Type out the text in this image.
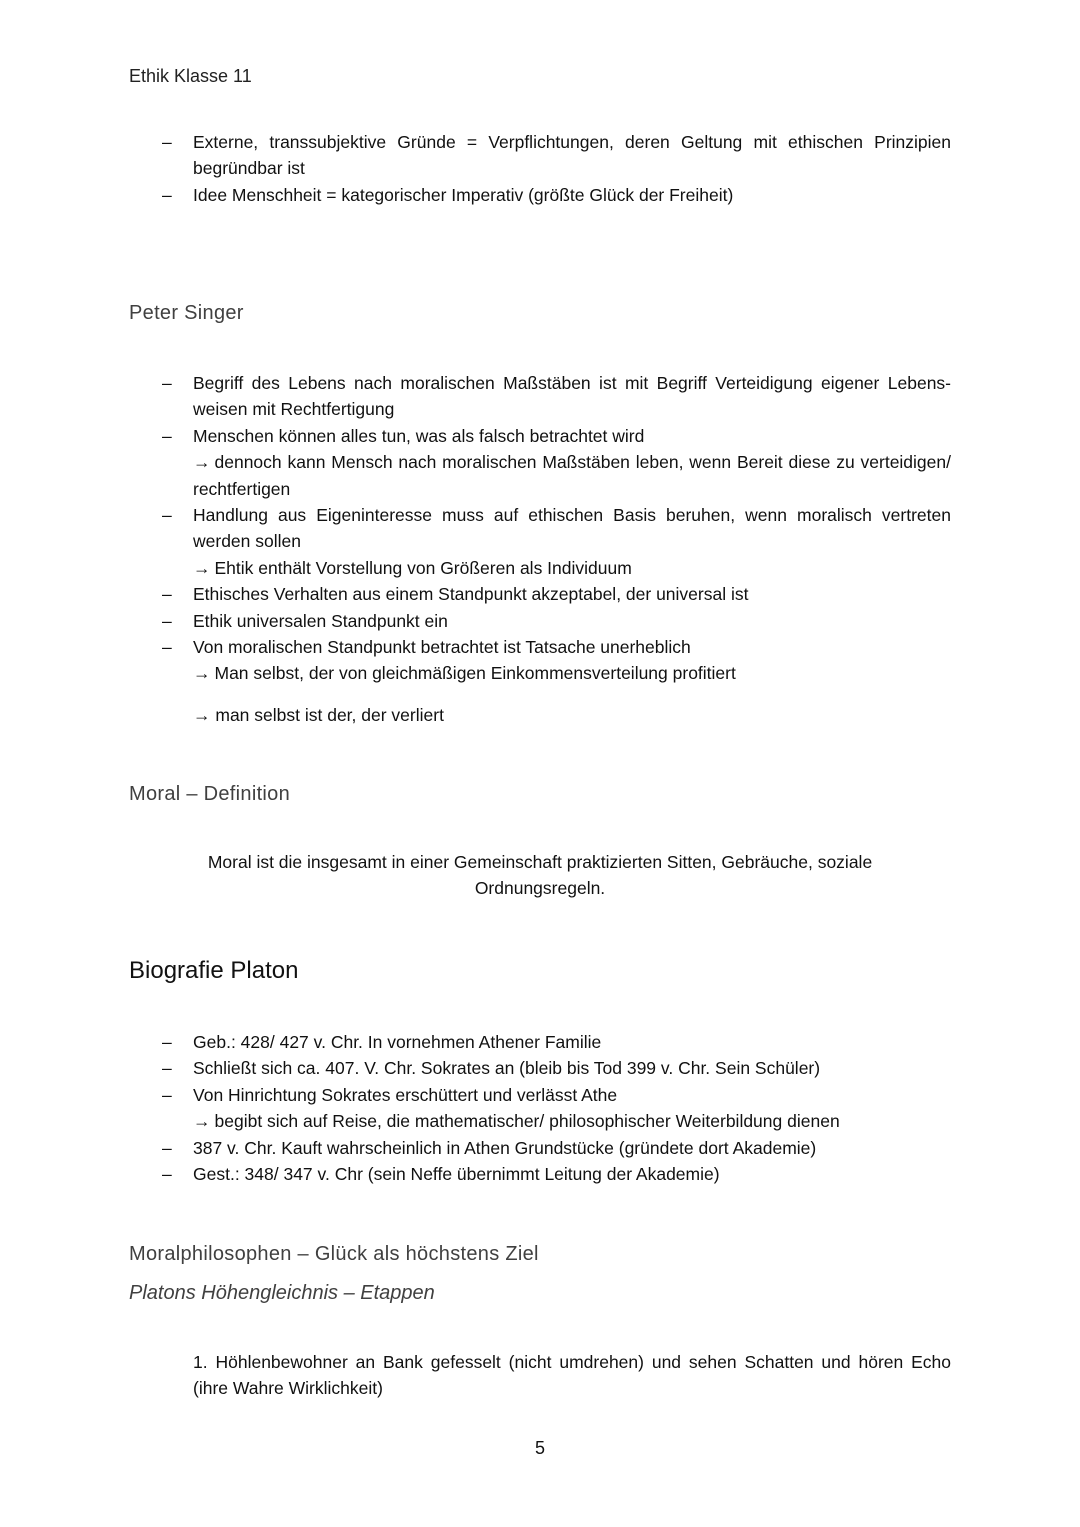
Ethik Klasse 11
– Externe, transsubjektive Gründe = Verpflichtungen, deren Geltung mit ethischen Prinzipien begründbar ist
– Idee Menschheit = kategorischer Imperativ (größte Glück der Freiheit)
Peter Singer
– Begriff des Lebens nach moralischen Maßstäben ist mit Begriff Verteidigung eigener Lebensweisen mit Rechtfertigung
– Menschen können alles tun, was als falsch betrachtet wird
→ dennoch kann Mensch nach moralischen Maßstäben leben, wenn Bereit diese zu verteidigen/ rechtfertigen
– Handlung aus Eigeninteresse muss auf ethischen Basis beruhen, wenn moralisch vertreten werden sollen
→ Ehtik enthält Vorstellung von Größeren als Individuum
– Ethisches Verhalten aus einem Standpunkt akzeptabel, der universal ist
– Ethik universalen Standpunkt ein
– Von moralischen Standpunkt betrachtet ist Tatsache unerheblich
→ Man selbst, der von gleichmäßigen Einkommensverteilung profitiert
→ man selbst ist der, der verliert
Moral – Definition
Moral ist die insgesamt in einer Gemeinschaft praktizierten Sitten, Gebräuche, soziale Ordnungsregeln.
Biografie Platon
– Geb.: 428/ 427 v. Chr. In vornehmen Athener Familie
– Schließt sich ca. 407. V. Chr. Sokrates an (bleib bis Tod 399 v. Chr. Sein Schüler)
– Von Hinrichtung Sokrates erschüttert und verlässt Athe
→ begibt sich auf Reise, die mathematischer/ philosophischer Weiterbildung dienen
– 387 v. Chr. Kauft wahrscheinlich in Athen Grundstücke (gründete dort Akademie)
– Gest.: 348/ 347 v. Chr (sein Neffe übernimmt Leitung der Akademie)
Moralphilosophen – Glück als höchstens Ziel
Platons Höhengleichnis – Etappen
1. Höhlenbewohner an Bank gefesselt (nicht umdrehen) und sehen Schatten und hören Echo (ihre Wahre Wirklichkeit)
5
